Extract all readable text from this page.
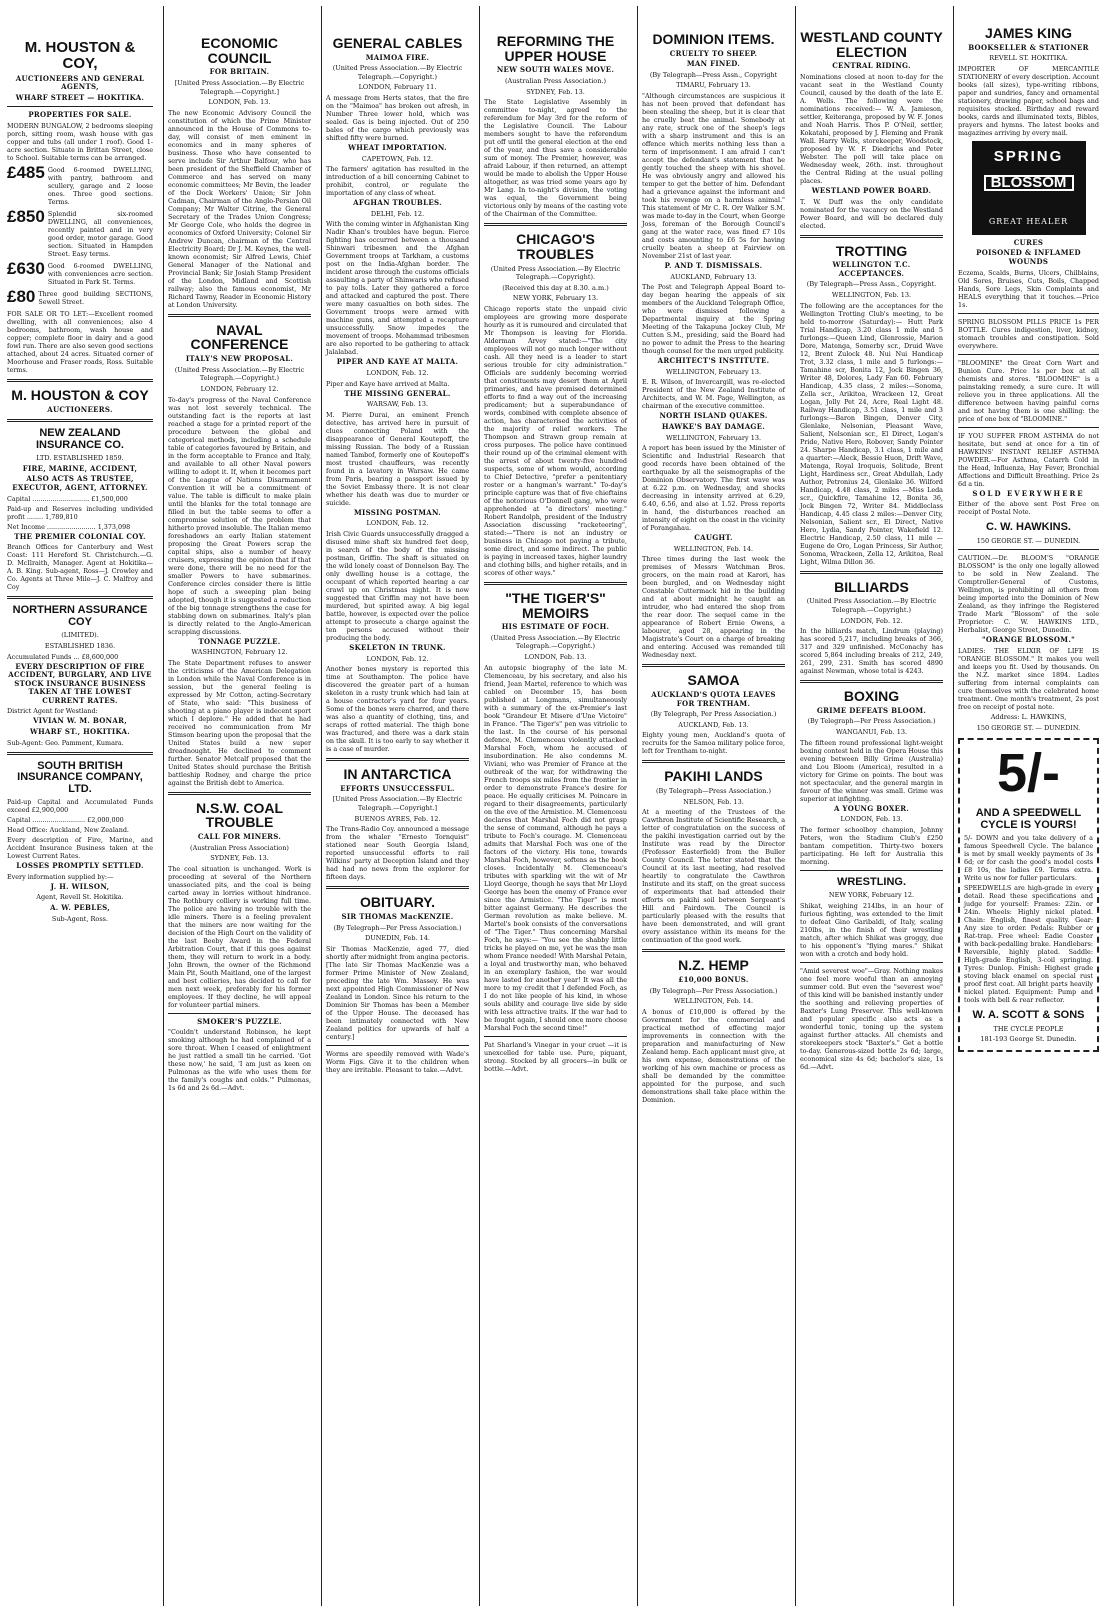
M. HOUSTON & COY,
AUCTIONEERS AND GENERAL AGENTS,
WHARF STREET — HOKITIKA.
PROPERTIES FOR SALE.
MODERN BUNGALOW, 2 bedrooms sleeping porch, sitting room, wash house with gas copper and tubs (all under 1 roof). Good 1-acre section. Situate in Brittan Street, close to School. Suitable terms can be arranged.
£485 Good 6-roomed DWELLING, with pantry, bathroom and scullery, garage and 2 loose ones. Three good sections. Terms.
£850 Splendid six-roomed DWELLING, all conveniences, recently painted and in very good order, motor garage. Good section. Situated in Hampden Street. Easy terms.
£630 Good 6-roomed DWELLING, with conveniences acre section. Situated in Park St. Terms.
£80 Three good building SECTIONS, Sewell Street.
FOR SALE OR TO LET:—Excellent roomed dwelling, with all conveniences; also 4 bedrooms, bathroom, wash house and copper; complete floor in dairy and a good fowl run. There are also seven good sections attached, about 24 acres. Situated corner of Moorhouse and Fraser roads, Ross. Suitable terms.
M. HOUSTON & COY
AUCTIONEERS.
NEW ZEALAND INSURANCE CO.
LTD. ESTABLISHED 1859.
FIRE, MARINE, ACCIDENT,
ALSO ACTS AS TRUSTEE, EXECUTOR, AGENT, ATTORNEY.
Capital ............................ £1,500,000
Paid-up and Reserves including undivided profit ........ 1,789,810
Net Income ........................ 1,373,098
THE PREMIER COLONIAL COY.
Branch Offices for Canterbury and West Coast: 111 Hereford St. Christchurch.—G. D. McIlraith, Manager. Agent at Hokitika—A. B. King. Sub-agent, Ross—J. Crowley and Co. Agents at Three Mile—J. C. Malfroy and Coy
NORTHERN ASSURANCE COY
(LIMITED).
ESTABLISHED 1836.
Accumulated Funds ... £8,600,000
EVERY DESCRIPTION OF FIRE ACCIDENT, BURGLARY, AND LIVE STOCK INSURANCE BUSINESS TAKEN AT THE LOWEST CURRENT RATES.
District Agent for Westland:
VIVIAN W. M. BONAR,
WHARF ST., HOKITIKA.
Sub-Agent: Geo. Pamment, Kumara.
SOUTH BRITISH INSURANCE COMPANY, LTD.
Paid-up Capital and Accumulated Funds exceed £2,900,000
Capital .......................... £2,000,000
Head Office: Auckland, New Zealand.
Every description of Fire, Marine, and Accident Insurance Business taken at the Lowest Current Rates.
LOSSES PROMPTLY SETTLED.
Every information supplied by:—
J. H. WILSON,
Agent, Revell St. Hokitika.
A. W. PEBLES,
Sub-Agent, Ross.
ECONOMIC COUNCIL
FOR BRITAIN.
[United Press Association.—By Electric Telegraph.—Copyright.]
LONDON, Feb. 13.
The new Economic Advisory Council the constitution of which the Prime Minister announced in the House of Commons to-day, will consist of men eminent in economics and in many spheres of business. Those who have consented to serve include Sir Arthur Balfour, who has been president of the Sheffield Chamber of Commerce and has served on many economic committees; Mr Bevin, the leader of the Dock Workers' Union; Sir John Cadman, Chairman of the Anglo-Persian Oil Company; Mr Walter Citrine, the General Secretary of the Trades Union Congress; Mr George Cole, who holds the degree in economics of Oxford University; Colonel Sir Andrew Duncan, chairman of the Central Electricity Board; Dr J. M. Keynes, the well-known economist; Sir Alfred Lewis, Chief General Manager of the National and Provincial Bank; Sir Josiah Stamp President of the London, Midland and Scottish railway; also the famous economist, Mr Richard Tawny, Reader in Economic History at London University.
NAVAL CONFERENCE
ITALY'S NEW PROPOSAL.
(United Press Association.—By Electric Telegraph.—Copyright.)
LONDON, February 12.
To-day's progress of the Naval Conference was not lost severely technical. The outstanding fact is the reports at last reached a stage for a printed report of the procedure between the global and categorical methods, including a schedule table of categories favoured by Britain, and in the form acceptable to France and Italy, and available to all other Naval powers willing to adopt it. If, when it becomes part of the League of Nations Disarmament Convention it will be a commitment of value. The table is difficult to make plain until the blanks for the total tonnage are filled in but the table seems to offer a compromise solution of the problem that hitherto proved insoluble. The Italian memo foreshadows an early Italian statement proposing the Great Powers scrap the capital ships, also a number of heavy cruisers, expressing the opinion that if that were done, there will be no need for the smaller Powers to have submarines. Conference circles consider there is little hope of such a sweeping plan being adopted, though it is suggested a reduction of the big tonnage strengthens the case for stabbing down on submarines. Italy's plan is directly related to the Anglo-American scrapping discussions.
TONNAGE PUZZLE.
WASHINGTON, February 12.
The State Department refuses to answer the criticisms of the American Delegation in London while the Naval Conference is in session, but the general feeling is expressed by Mr Cotton, acting-Secretary of State, who said: "This business of shooting at a piano player is indecent sport which I deplore." He added that he had received no communication from Mr Stimson bearing upon the proposal that the United States build a new super dreadnought. He declined to comment further. Senator Metcalf proposed that the United States should purchase the British battleship Rodney, and charge the price against the British debt to America.
N.S.W. COAL TROUBLE
CALL FOR MINERS.
(Australian Press Association)
SYDNEY, Feb. 13.
The coal situation is unchanged. Work is proceeding at several of the Northern unassociated pits, and the coal is being carted away in lorries without hindrance. The Rothbury colliery is working full time. The police are having no trouble with the idle miners. There is a feeling prevalent that the miners are now waiting for the decision of the High Court on the validity of the last Beeby Award in the Federal Arbitration Court, that if this goes against them, they will return to work in a body. John Brown, the owner of the Richmond Main Pit, South Maitland, one of the largest and best collieries, has decided to call for men next week, preferably for his former employees. If they decline, he will appeal for volunteer partial miners.
SMOKER'S PUZZLE.
"Couldn't understand Robinson, he kept smoking although he had complained of a sore throat. When I ceased of enlightment he just rattled a small tin he carried. 'Got these now,' he said, 'I am just as keen on Pulmonas as the wife who uses them for the family's coughs and colds.'" Pulmonas, 1s 6d and 2s 6d.—Advt.
GENERAL CABLES
MAIMOA FIRE.
(United Press Association.—By Electric Telegraph.—Copyright.)
LONDON, February 11.
A message from Herts states, that the fire on the "Maimoa" has broken out afresh, in Number Three lower hold, which was sealed. Gas is being injected. Out of 250 bales of the cargo which previously was shifted fifty were burned.
WHEAT IMPORTATION.
CAPETOWN, Feb. 12.
The farmers' agitation has resulted in the introduction of a bill concerning Cabinet to prohibit, control, or regulate the importation of any class of wheat.
AFGHAN TROUBLES.
DELHI, Feb. 12.
With the coming winter in Afghanistan King Nadir Khan's troubles have begun. Fierce fighting has occurred between a thousand Shinwari tribesmen and the Afghan Government troops at Tarkham, a customs post on the India-Afghan border. The incident arose through the customs officials assaulting a party of Shinwaris who refused to pay tolls. Later they gathered a force and attacked and captured the post. There were many casualties on both sides. The Government troops were armed with machine guns, and attempted a recapture unsuccessfully. Snow impedes the movement of troops. Mohammad tribesmen are also reported to be gathering to attack Jalalabad.
PIPER AND KAYE AT MALTA.
LONDON, Feb. 12.
Piper and Kaye have arrived at Malta.
THE MISSING GENERAL.
WARSAW, Feb. 13.
M. Pierre Durai, an eminent French detective, has arrived here in pursuit of clues connecting Poland with the disappearance of General Koutepoff, the missing Russian. The body of a Russian named Tambof, formerly one of Koutepoff's most trusted chauffeurs, was recently found in a lavatory in Warsaw. He came from Paris, bearing a passport issued by the Soviet Embassy there. It is not clear whether his death was due to murder or suicide.
MISSING POSTMAN.
LONDON, Feb. 12.
Irish Civic Guards unsuccessfully dragged a disused mine shaft six hundred feet deep, in search of the body of the missing postman, Griffin. The shaft is situated on the wild lonely coast of Donnelson Bay. The only dwelling house is a cottage, the occupant of which reported hearing a car crawl up on Christmas night. It is now suggested that Griffin may not have been murdered, but spirited away. A big legal battle, however, is expected over the police attempt to prosecute a charge against the ten persons accused without their producing the body.
SKELETON IN TRUNK.
LONDON, Feb. 12.
Another bones mystery is reported this time at Southampton. The police have discovered the greater part of a human skeleton in a rusty trunk which had lain at a house contractor's yard for four years. Some of the bones were charred, and there was also a quantity of clothing, tins, and scraps of rotted material. The thigh bone was fractured, and there was a dark stain on the skull. It is too early to say whether it is a case of murder.
IN ANTARCTICA
EFFORTS UNSUCCESSFUL.
[United Press Association.—By Electric Telegraph.—Copyright.]
BUENOS AYRES, Feb. 12.
The Trans-Radio Coy. announced a message from the whaler "Ernesto Tornquist" stationed near South Georgia Island, reported unsuccessful efforts to rail Wilkins' party at Deception Island and they had had no news from the explorer for fifteen days.
OBITUARY.
SIR THOMAS MacKENZIE.
(By Telegraph—Per Press Association.)
DUNEDIN, Feb. 14.
Sir Thomas MacKenzie, aged 77, died shortly after midnight from angina pectoris. [The late Sir Thomas MacKenzie was a former Prime Minister of New Zealand, preceding the late Wm. Massey. He was next appointed High Commissioner of New Zealand in London. Since his return to the Dominion Sir Thomas has been a Member of the Upper House. The deceased has been intimately connected with New Zealand politics for upwards of half a century.]
Worms are speedily removed with Wade's Worm Figs. Give it to the children when they are irritable. Pleasant to take.—Advt.
REFORMING THE UPPER HOUSE
NEW SOUTH WALES MOVE.
(Australian Press Association.)
SYDNEY, Feb. 13.
The State Legislative Assembly in committee to-night, agreed to the referendum for May 3rd for the reform of the Legislative Council. The Labour members sought to have the referendum put off until the general election at the end of the year, and thus save a considerable sum of money. The Premier, however, was afraid Labour, if then returned, an attempt would be made to abolish the Upper House altogether, as was tried some years ago by Mr Lang. In to-night's division, the voting was equal, the Government being victorious only by means of the casting vote of the Chairman of the Committee.
CHICAGO'S TROUBLES
(United Press Association.—By Electric Telegraph.—Copyright).
(Received this day at 8.30. a.m.)
NEW YORK, February 13.
Chicago reports state the unpaid civic employees are growing more desperate hourly as it is rumoured and circulated that Mr Thompson is leaving for Florida. Alderman Arvey stated:—"The city employees will not go much longer without cash. All they need is a leader to start serious trouble for city administration." Officials are suddenly becoming worried that constituents may desert them at April primaries, and have promised determined efforts to find a way out of the increasing predicament; but a superabundance of words, combined with complete absence of action, has characterised the activities of the majority of relief workers. The Thompson and Strawn group remain at cross purposes. The police have continued their round up of the criminal element with the arrest of about twenty-five hundred suspects, some of whom would, according to Chief Detective, "prefer a penitentiary roster or a hangman's warrant." To-day's principle capture was that of five chieftains of the notorious O'Donnell gang, who were apprehended at "a directors' meeting." Robert Randolph, president of the Industry Association discussing "racketeering", stated:—"There is not an industry or business in Chicago not paying a tribute, some direct, and some indirect. The public is paying in increased taxes, higher laundry and clothing bills, and higher retails, and in scores of other ways."
"THE TIGER'S" MEMOIRS
HIS ESTIMATE OF FOCH.
(United Press Association.—By Electric Telegraph.—Copyright.)
LONDON, Feb. 13.
An autopsic biography of the late M. Clemenceau, by his secretary, and also his friend, Jean Martel, reference to which was cabled on December 15, has been published at Longmans, simultaneously with a summary of the ex-Premier's last book "Grandeur Et Misere d'Une Victoire" in France. "The Tiger's" pen was vitriolic to the last. In the course of his personal defence, M. Clemenceau violently attacked Marshal Foch, whom he accused of insubordination. He also condemns M. Viviani, who was Premier of France at the outbreak of the war, for withdrawing the French troops six miles from the frontier in order to demonstrate France's desire for peace. He equally criticises M. Poincare in regard to their disagreements, particularly on the eve of the Armistice. M. Clemenceau declares that Marshal Foch did not grasp the sense of command, although he pays a tribute to Foch's courage. M. Clemenceau admits that Marshal Foch was one of the factors of the victory. His tone, towards Marshal Foch, however, softens as the book closes. Incidentally M. Clemenceau's tributes with sparkling wit the wit of Mr Lloyd George, though he says that Mr Lloyd George has been the enemy of France ever since the Armistice. "The Tiger" is most bitter against Germany. He describes the German revolution as make believe. M. Martel's book consists of the conversations of "The Tiger." Thus concerning Marshal Foch, he says:— "You see the shabby little tricks he played on me, yet he was the man whom France needed! With Marshal Petain, a loyal and trustworthy man, who behaved in an exemplary fashion, the war would have lasted for another year! It was all the more to my credit that I defended Foch, as I do not like people of his kind, in whose souls ability and courage live side by side with less attractive traits. If the war had to be fought again, I should once more choose Marshal Foch the second time!"
Pat Sharland's Vinegar in your cruet —it is unexcelled for table use. Pure, piquant, strong. Stocked by all grocers—in bulk or bottle.—Advt.
DOMINION ITEMS.
CRUELTY TO SHEEP.
MAN FINED.
(By Telegraph—Press Assn., Copyright
TIMARU, February 13.
"Although circumstances are suspicious it has not been proved that defendant has been stealing the sheep, but it is clear that he cruelly beat the animal. Somebody at any rate, struck one of the sheep's legs with a sharp instrument and this is an offence which merits nothing less than a term of imprisonment. I am afraid I can't accept the defendant's statement that he gently touched the sheep with his shovel. He was obviously angry and allowed his temper to get the better of him. Defendant had a grievance against the informant and took his revenge on a harmless animal." This statement of Mr C. R. Orr Walker S.M. was made to-day in the Court, when George Joss, foreman of the Borough Council's gang at the water race, was fined £7 10s and costs amounting to £6 5s for having cruelly beaten a sheep at Fairview on November 21st of last year.
P. AND T. DISMISSALS.
AUCKLAND, February 13.
The Post and Telegraph Appeal Board to-day began hearing the appeals of six members of the Auckland Telegraph Office, who were dismissed following a Departmental inquiry at the Spring Meeting of the Takapuna Jockey Club, Mr Cutten S.M., presiding, said the Board had no power to admit the Press to the hearing though counsel for the men urged publicity.
ARCHITECT'S INSTITUTE.
WELLINGTON, February 13.
E. R. Wilson, of Invercargill, was re-elected President of the New Zealand Institute of Architects, and W. M. Page, Wellington, as chairman of the executive committee.
NORTH ISLAND QUAKES.
HAWKE'S BAY DAMAGE.
WELLINGTON, February 13.
A report has been issued by the Minister of Scientific and Industrial Research that good records have been obtained of the earthquake by all the seismographs of the Dominion Observatory. The first wave was at 6.22 p.m. on Wednesday, and shocks decreasing in intensity arrived at 6.29, 6.40, 6.56, and also at 1.52. Press reports in hand, the disturbances reached an intensity of eight on the coast in the vicinity of Porangahau.
CAUGHT.
WELLINGTON, Feb. 14.
Three times during the last week the premises of Messrs Watchman Bros. grocers, on the main road at Karori, has been burgled, and on Wednesday night Constable Cuttermack hid in the building and at about midnight he caught an intruder, who had entered the shop from the rear door. The sequel came in the appearance of Robert Ernie Owens, a labourer, aged 28, appearing in the Magistrate's Court on a charge of breaking and entering. Accused was remanded till Wednesday next.
SAMOA
AUCKLAND'S QUOTA LEAVES FOR TRENTHAM.
(By Telegraph, Per Press Association.)
AUCKLAND, Feb. 13.
Eighty young men, Auckland's quota of recruits for the Samoa military police force, left for Trentham to-night.
PAKIHI LANDS
(By Telegraph—Press Association.)
NELSON, Feb. 13.
At a meeting of the Trustees of the Cawthron Institute of Scientific Research, a letter of congratulation on the success of the pakihi investigation carried out by the Institute was read by the Director (Professor Easterfield) from the Buller County Council. The letter stated that the Council at its last meeting, had resolved heartily to congratulate the Cawthron Institute and its staff, on the great success of experiments that had attended their efforts on pakihi soil between Sergeant's Hill and Fairdown. The Council is particularly pleased with the results that have been demonstrated, and will grant every assistance within its means for the continuation of the good work.
N.Z. HEMP
£10,000 BONUS.
(By Telegraph—Per Press Association.)
WELLINGTON, Feb. 14.
A bonus of £10,000 is offered by the Government for the commercial and practical method of effecting major improvements in connection with the preparation and manufacturing of New Zealand hemp. Each applicant must give, at his own expense, demonstrations of the working of his own machine or process as shall be demanded by the committee appointed for the purpose, and such demonstrations shall take place within the Dominion.
WESTLAND COUNTY ELECTION
CENTRAL RIDING.
Nominations closed at noon to-day for the vacant seat in the Westland County Council, caused by the death of the late E. A. Wells. The following were the nominations received:— W. A. Jamieson, settler, Keiteranga, proposed by W. F. Jones and Noah Harris. Thos P. O'Neil, settler, Kokatahi, proposed by J. Fleming and Frank Wall. Harry Wells, storekeeper, Woodstock, proposed by W. F. Diedrichs and Peter Webster. The poll will take place on Wednesday week, 26th. inst. throughout the Central Riding at the usual polling places.
WESTLAND POWER BOARD.
T. W. Duff was the only candidate nominated for the vacancy on the Westland Power Board, and will be declared duly elected.
TROTTING
WELLINGTON T.C. ACCEPTANCES.
(By Telegraph—Press Assn., Copyright.
WELLINGTON, Feb. 13.
The following are the acceptances for the Wellington Trotting Club's meeting, to be held to-morrow (Saturday):— Hutt Park Trial Handicap, 3.20 class 1 mile and 5 furlongs:—Queen Lind, Glenrossie, Marion Dore, Matenga, Somerby scr., Druid Wave 12, Brent Zulock 48. Nui Nui Handicap Trot, 3.32 class, 1 mile and 5 furlongs:—Tamahine scr, Bonita 12, Jock Bingen 36, Writer 48, Dolores, Lady Fan 60. February Handicap, 4.35 class, 2 miles:—Sonoma, Zella scr., Arikitoa, Wrackeen 12, Great Logan, Jolly Pet 24, Acre, Real Light 48. Railway Handicap, 3.51 class, 1 mile and 3 furlongs:—Baron Bingen, Denver City, Glenlake, Nelsonian, Pleasant Wave, Salient, Nelsonian scr., El Direct, Logan's Pride, Native Hero, Robover, Sandy Pointer 24. Sharpe Handicap, 3.1 class, 1 mile and a quarter:—Aleck, Bessie Huon, Drift Wave, Matenga, Royal Iroquois, Solitude, Brent Light, Hardiness scr., Great Abdullah, Lady Author, Petronius 24, Glenlake 36. Wilford Handicap, 4.48 class, 2 miles —Miss Leda scr., Quickfire, Tamahine 12, Bonita 36, Jock Bingen 72, Writer 84. Middleclass Handicap, 4.45 class 2 miles:—Denver City, Nelsonian, Salient scr., El Direct, Native Hero, Lydia, Sandy Pointer, Wakefield 12. Electric Handicap, 2.50 class, 11 mile —Eugene de Oro, Logan Princess, Sir Author, Sonoma, Wrackeen, Zella 12, Arikitoa, Real Light, Wilma Dillon 36.
BILLIARDS
(United Press Association.—By Electric Telegraph.—Copyright.)
LONDON, Feb. 12.
In the billiards match, Lindrum (playing) has scored 5,217, including breaks of 366, 317 and 329 unfinished. McConachy has scored 5,864 including breaks of 212, 249, 261, 299, 231. Smith has scored 4890 against Newman, whose total is 4243.
BOXING
GRIME DEFEATS BLOOM.
(By Telegraph—Per Press Association.)
WANGANUI, Feb. 13.
The fifteen round professional light-weight boxing contest held in the Opera House this evening between Billy Grime (Australia) and Lou Bloom (America), resulted in a victory for Grime on points. The bout was not spectacular, and the general margin in favour of the winner was small. Grime was superior at infighting.
A YOUNG BOXER.
LONDON, Feb. 13.
The former schoolboy champion, Johnny Peters, won the Stadium Club's £250 bantam competition. Thirty-two boxers participating. He left for Australia this morning.
WRESTLING.
NEW YORK, February 12.
Shikat, weighing 214lbs, in an hour of furious fighting, was extended to the limit to defeat Gino Garibaldi, of Italy, scaling 210lbs, in the finish of their wrestling match, after which Shikat was groggy, due to his opponent's "flying mares." Shikat won with a crotch and body hold.
"Amid severest woe"—Gray. Nothing makes one feel more woeful than an annoying summer cold. But even the "severest woe" of this kind will be banished instantly under the soothing and relieving properties of Baxter's Lung Preserver. This well-known and popular specific also acts as a wonderful tonic, toning up the system against further attacks. All chemists and storekeepers stock "Baxter's." Get a bottle to-day. Generous-sized bottle 2s 6d; large, economical size 4s 6d; bachelor's size, 1s 6d.—Advt.
JAMES KING
BOOKSELLER & STATIONER
REVELL ST. HOKITIKA.
IMPORTER OF MERCANTILE STATIONERY of every description. Account books (all sizes), type-writing ribbons, paper and sundries, fancy and ornamental stationery, drawing paper, school bags and requisites stocked. Birthday and reward books, cards and illuminated texts, Bibles, prayers and hymns. The latest books and magazines arriving by every mail.
SPRING
BLOSSOM
GREAT HEALER
CURES
POISONED & INFLAMED WOUNDS
Eczema, Scalds, Burns, Ulcers, Chilblains, Old Sores, Bruises, Cuts, Boils, Chapped Hands, Sore Legs, Skin Complaints and HEALS everything that it touches.—Price 1s.
SPRING BLOSSOM PILLS PRICE 1s PER BOTTLE. Cures indigestion, liver, kidney, stomach troubles and constipation. Sold everywhere.
"BLOOMINE" the Great Corn Wart and Bunion Cure. Price 1s per box at all chemists and stores. "BLOOMINE" is a painstaking remedy, a sure cure. It will relieve you in three applications. All the difference between having painful corns and not having them is one shilling: the price of one box of "BLOOMINE."
IF YOU SUFFER FROM ASTHMA do not hesitate, but send at once for a tin of HAWKINS' INSTANT RELIEF ASTHMA POWDER.—For Asthma, Catarrh Cold in the Head, Influenza, Hay Fever, Bronchial Affections and Difficult Breathing. Price 2s 6d a tin.
SOLD EVERYWHERE
Either of the above sent Post Free on receipt of Postal Note.
C. W. HAWKINS.
150 GEORGE ST. — DUNEDIN.
CAUTION.—Dr. BLOOM'S "ORANGE BLOSSOM" is the only one legally allowed to be sold in New Zealand. The Comptroller-General of Customs, Wellington, is prohibiting all others from being imported into the Dominion of New Zealand, as they infringe the Registered Trade Mark "Blossom" of the sole Proprietor: C. W. HAWKINS LTD., Herbalist, George Street, Dunedin.
"ORANGE BLOSSOM."
LADIES: THE ELIXIR OF LIFE IS "ORANGE BLOSSOM." It makes you well and keeps you fit. Used by thousands. On the N.Z. market since 1894. Ladies suffering from internal complaints can cure themselves with the celebrated home treatment. One month's treatment, 2s post free on receipt of postal note.
Address: L. HAWKINS,
150 GEORGE ST. — DUNEDIN.
5/-
AND A SPEEDWELL CYCLE IS YOURS!
5/- DOWN and you take delivery of a famous Speedwell Cycle. The balance is met by small weekly payments of 3s 6d; or for cash the good's model costs £8 10s, the ladies £9. Terms extra. Write us now for fuller particulars.
SPEEDWELLS are high-grade in every detail. Read these specifications and judge for yourself: Frames: 22in. or 24in. Wheels: Highly nickel plated. Chain: English, finest quality. Gear: Any size to order. Pedals: Rubber or Rat-trap. Free wheel: Eadie Coaster with back-pedalling brake. Handlebars: Reversible, highly plated. Saddle: High-grade English, 3-coil springing. Tyres: Dunlop. Finish: Highest grade stoving black enamel on special rust proof first coat. All bright parts heavily nickel plated. Equipment: Pump and tools with bell & rear reflector.
W. A. SCOTT & SONS
THE CYCLE PEOPLE
181-193 George St. Dunedin.
